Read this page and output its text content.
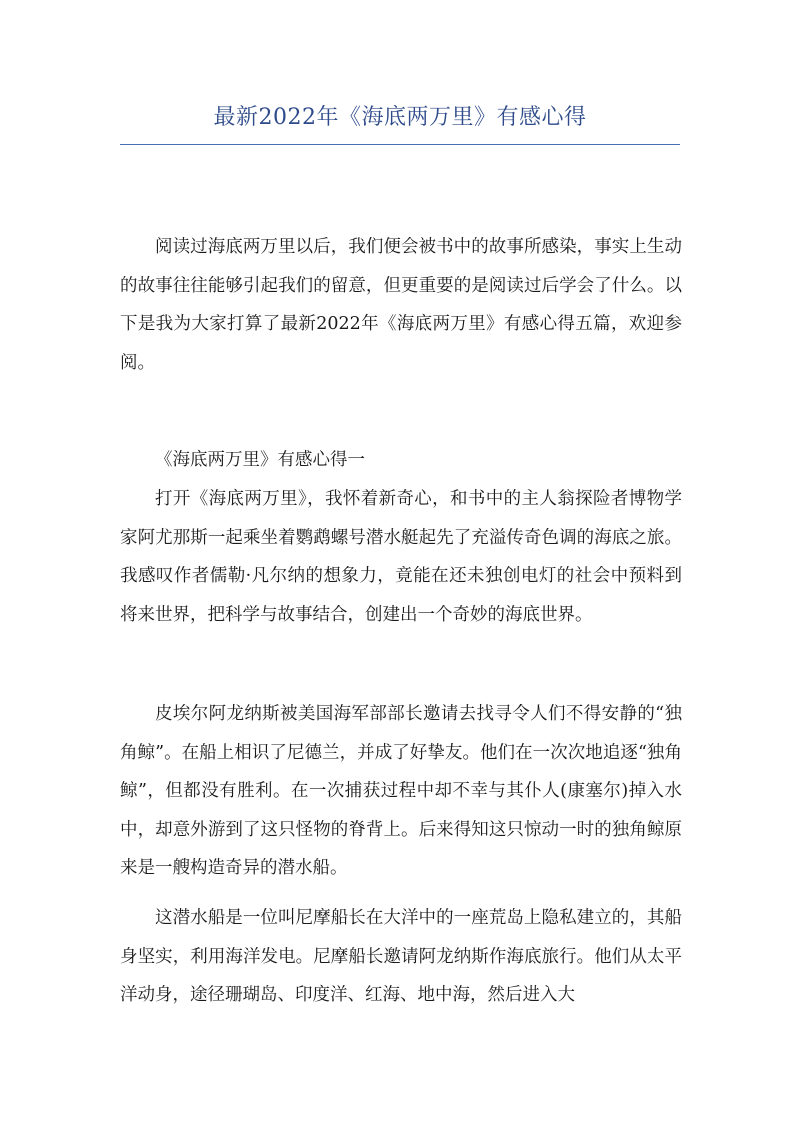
最新2022年《海底两万里》有感心得

阅读过海底两万里以后，我们便会被书中的故事所感染，事实上生动的故事往往能够引起我们的留意，但更重要的是阅读过后学会了什么。以下是我为大家打算了最新2022年《海底两万里》有感心得五篇，欢迎参阅。

《海底两万里》有感心得一

打开《海底两万里》，我怀着新奇心，和书中的主人翁探险者博物学家阿尤那斯一起乘坐着鹦鹉螺号潜水艇起先了充溢传奇色调的海底之旅。我感叹作者儒勒·凡尔纳的想象力，竟能在还未独创电灯的社会中预料到将来世界，把科学与故事结合，创建出一个奇妙的海底世界。

皮埃尔阿龙纳斯被美国海军部部长邀请去找寻令人们不得安静的“独角鲸”。在船上相识了尼德兰，并成了好挚友。他们在一次次地追逐“独角鲸”，但都没有胜利。在一次捕获过程中却不幸与其仆人(康塞尔)掉入水中，却意外游到了这只怪物的脊背上。后来得知这只惊动一时的独角鲸原来是一艘构造奇异的潜水船。

这潜水船是一位叫尼摩船长在大洋中的一座荒岛上隐私建立的，其船身坚实，利用海洋发电。尼摩船长邀请阿龙纳斯作海底旅行。他们从太平洋动身，途径珊瑚岛、印度洋、红海、地中海，然后进入大
